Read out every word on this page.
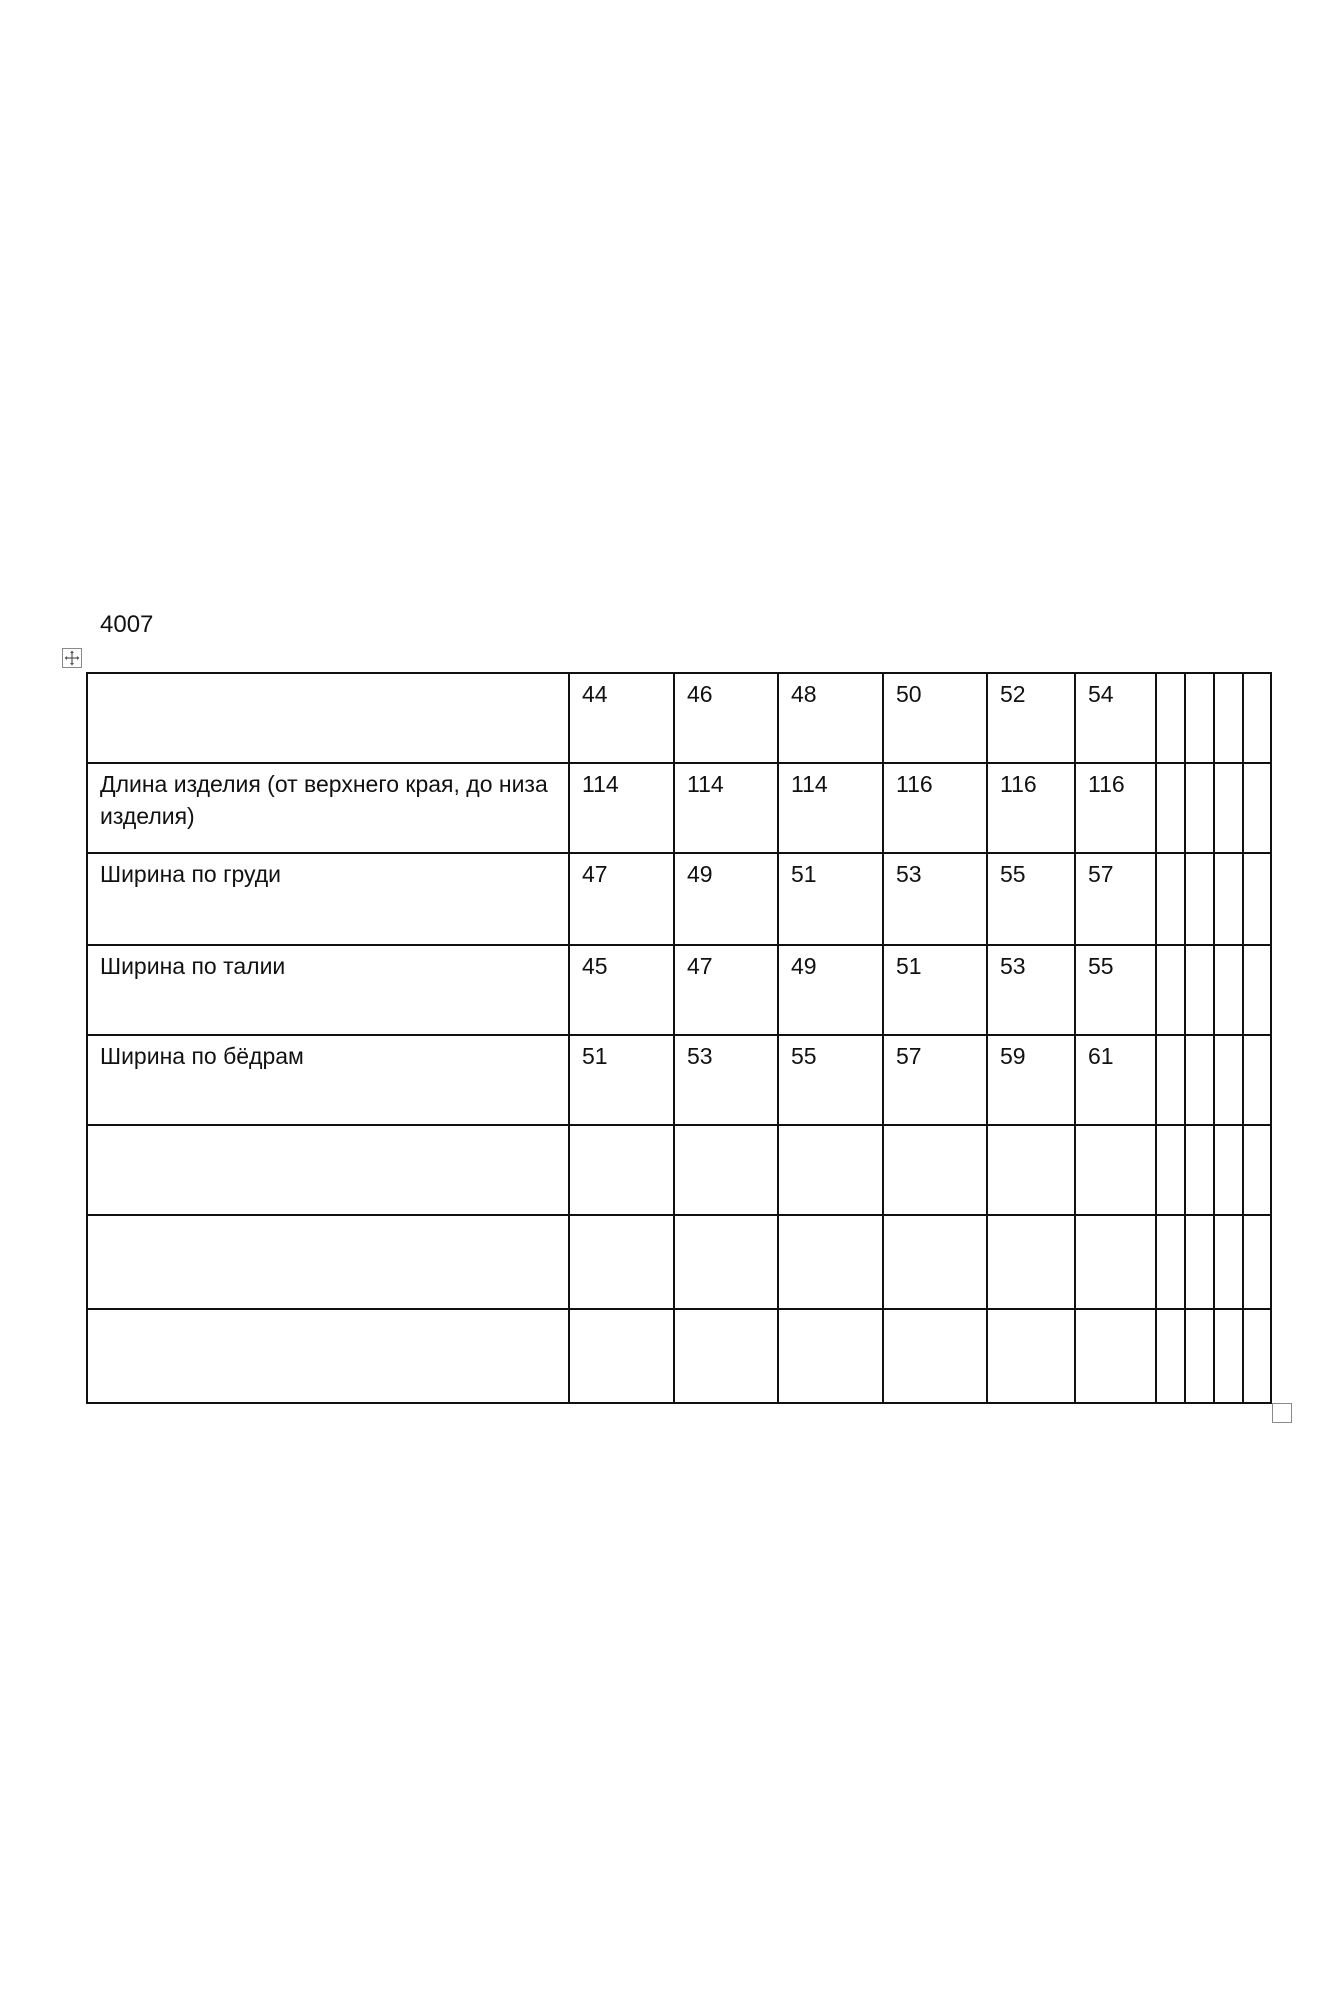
4007
	44	46	48	50	52	54				
Длина изделия (от верхнего края, до низа изделия)	114	114	114	116	116	116				
Ширина по груди	47	49	51	53	55	57				
Ширина по талии	45	47	49	51	53	55				
Ширина по бёдрам	51	53	55	57	59	61				
